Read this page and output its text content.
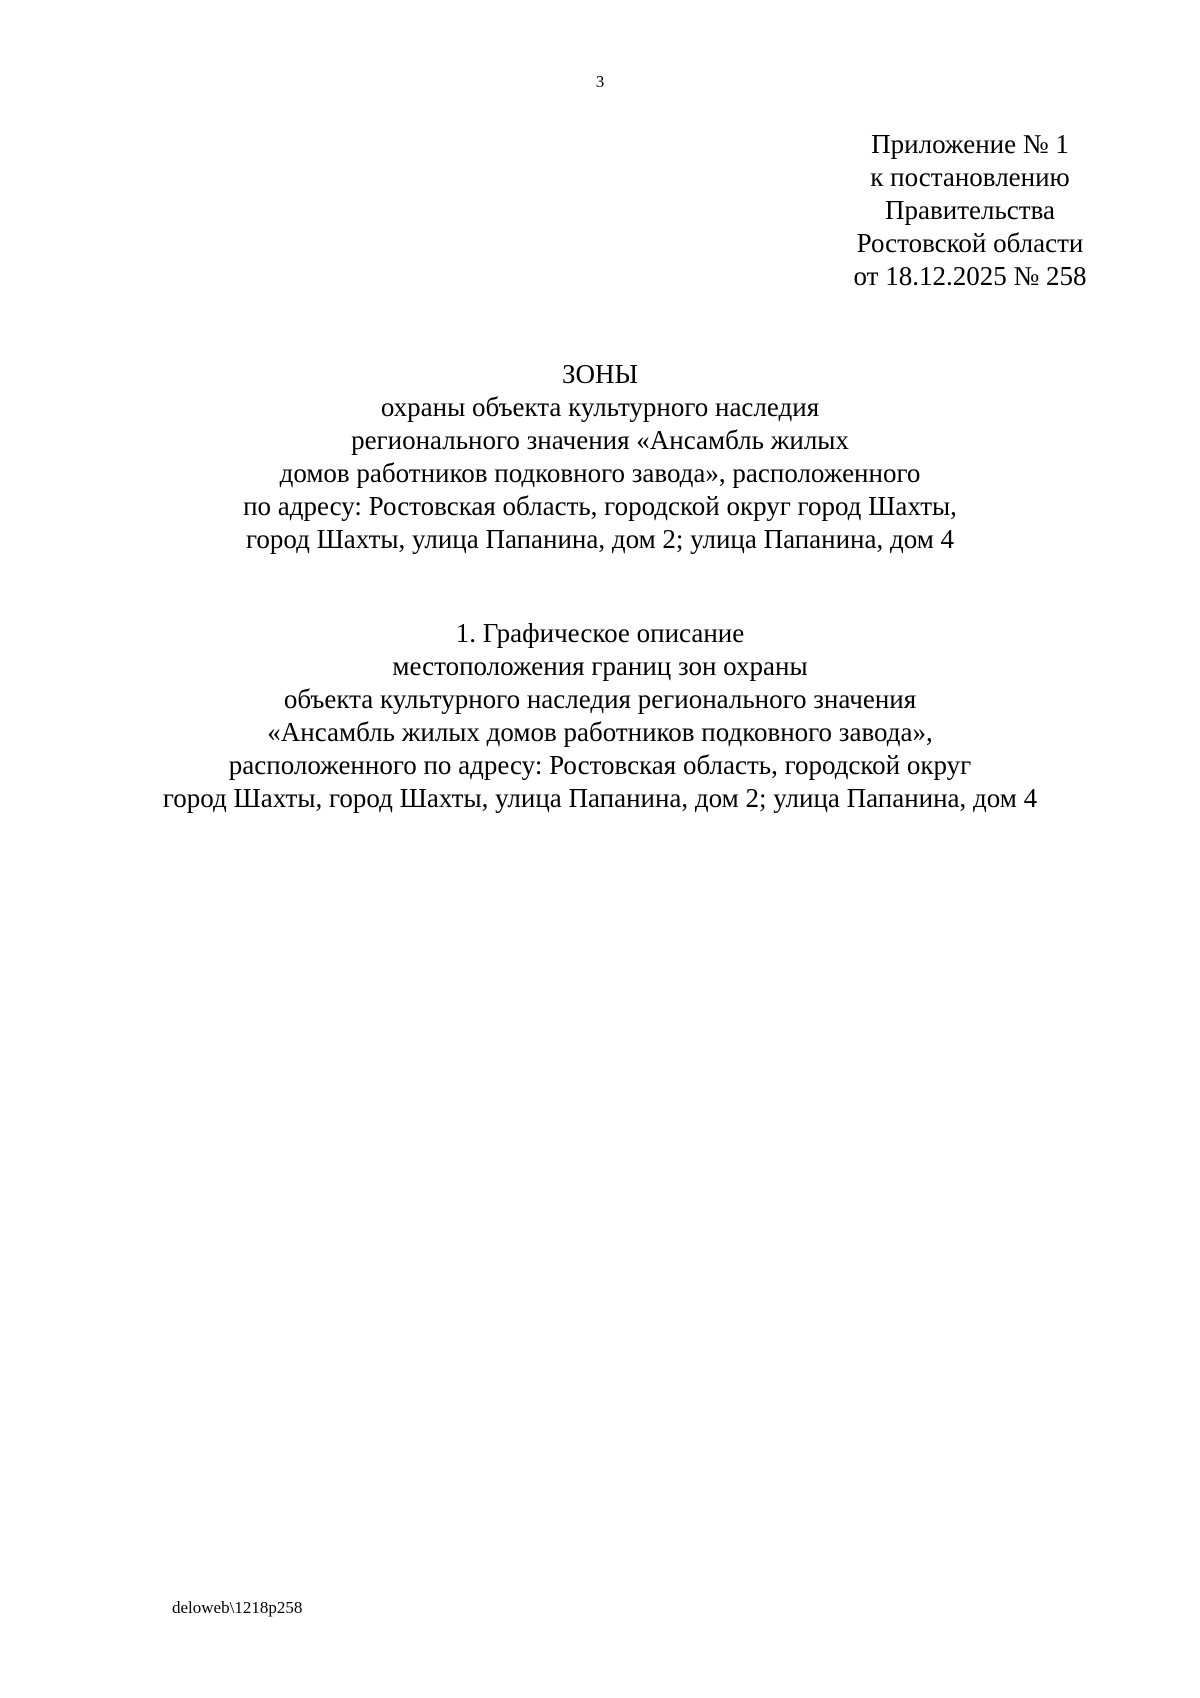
3
Приложение № 1
к постановлению
Правительства
Ростовской области
от 18.12.2025 № 258
ЗОНЫ
охраны объекта культурного наследия
регионального значения «Ансамбль жилых
домов работников подковного завода», расположенного
по адресу: Ростовская область, городской округ город Шахты,
город Шахты, улица Папанина, дом 2; улица Папанина, дом 4
1. Графическое описание
местоположения границ зон охраны
объекта культурного наследия регионального значения
«Ансамбль жилых домов работников подковного завода»,
расположенного по адресу: Ростовская область, городской округ
город Шахты, город Шахты, улица Папанина, дом 2; улица Папанина, дом 4
deloweb\1218p258
